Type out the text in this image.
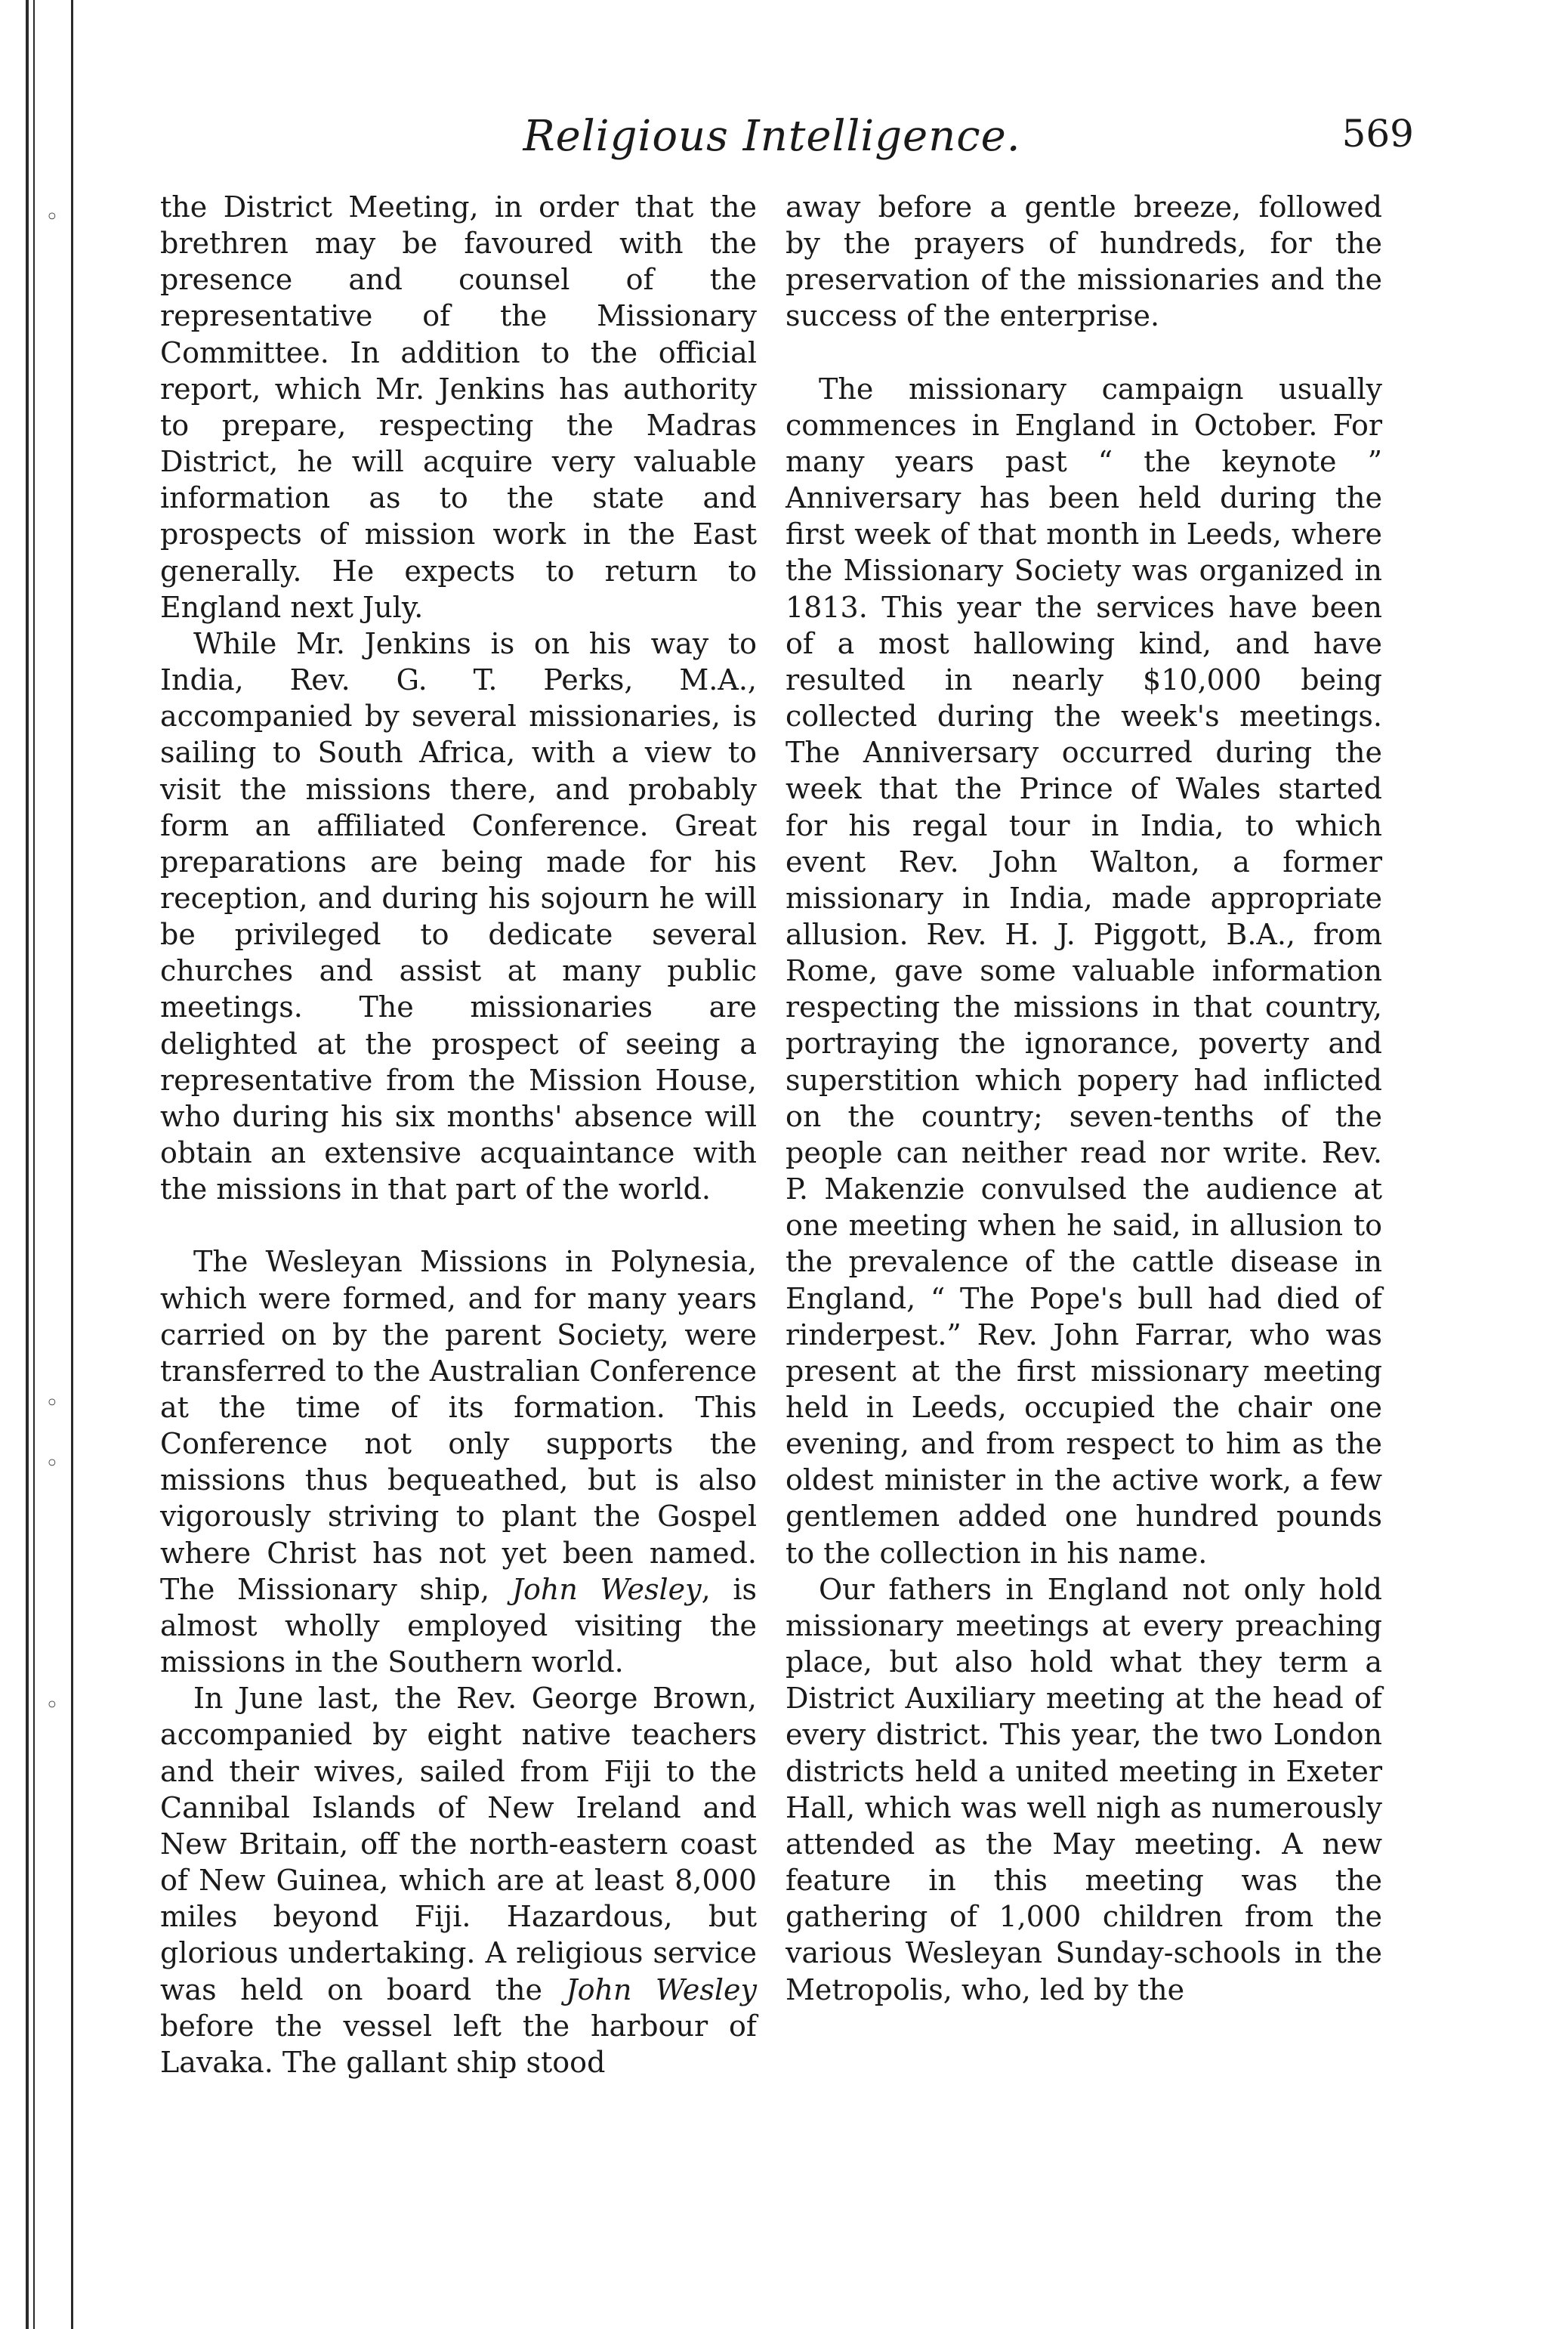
◦
◦
◦
◦
Religious Intelligence.	569

the District Meeting, in order that the brethren may be favoured with the presence and counsel of the representative of the Missionary Committee. In addition to the official report, which Mr. Jenkins has authority to prepare, respecting the Madras District, he will acquire very valuable information as to the state and prospects of mission work in the East generally. He expects to return to England next July.

While Mr. Jenkins is on his way to India, Rev. G. T. Perks, M.A., accompanied by several missionaries, is sailing to South Africa, with a view to visit the missions there, and probably form an affiliated Conference. Great preparations are being made for his reception, and during his sojourn he will be privileged to dedicate several churches and assist at many public meetings. The missionaries are delighted at the prospect of seeing a representative from the Mission House, who during his six months' absence will obtain an extensive acquaintance with the missions in that part of the world.

The Wesleyan Missions in Polynesia, which were formed, and for many years carried on by the parent Society, were transferred to the Australian Conference at the time of its formation. This Conference not only supports the missions thus bequeathed, but is also vigorously striving to plant the Gospel where Christ has not yet been named. The Missionary ship, John Wesley, is almost wholly employed visiting the missions in the Southern world.

In June last, the Rev. George Brown, accompanied by eight native teachers and their wives, sailed from Fiji to the Cannibal Islands of New Ireland and New Britain, off the north-eastern coast of New Guinea, which are at least 8,000 miles beyond Fiji. Hazardous, but glorious undertaking. A religious service was held on board the John Wesley before the vessel left the harbour of Lavaka. The gallant ship stood

away before a gentle breeze, followed by the prayers of hundreds, for the preservation of the missionaries and the success of the enterprise.

The missionary campaign usually commences in England in October. For many years past “ the keynote ” Anniversary has been held during the first week of that month in Leeds, where the Missionary Society was organized in 1813. This year the services have been of a most hallowing kind, and have resulted in nearly $10,000 being collected during the week's meetings. The Anniversary occurred during the week that the Prince of Wales started for his regal tour in India, to which event Rev. John Walton, a former missionary in India, made appropriate allusion. Rev. H. J. Piggott, B.A., from Rome, gave some valuable information respecting the missions in that country, portraying the ignorance, poverty and superstition which popery had inflicted on the country; seven-tenths of the people can neither read nor write. Rev. P. Makenzie convulsed the audience at one meeting when he said, in allusion to the prevalence of the cattle disease in England, “ The Pope's bull had died of rinderpest.” Rev. John Farrar, who was present at the first missionary meeting held in Leeds, occupied the chair one evening, and from respect to him as the oldest minister in the active work, a few gentlemen added one hundred pounds to the collection in his name.

Our fathers in England not only hold missionary meetings at every preaching place, but also hold what they term a District Auxiliary meeting at the head of every district. This year, the two London districts held a united meeting in Exeter Hall, which was well nigh as numerously attended as the May meeting. A new feature in this meeting was the gathering of 1,000 children from the various Wesleyan Sunday-schools in the Metropolis, who, led by the
